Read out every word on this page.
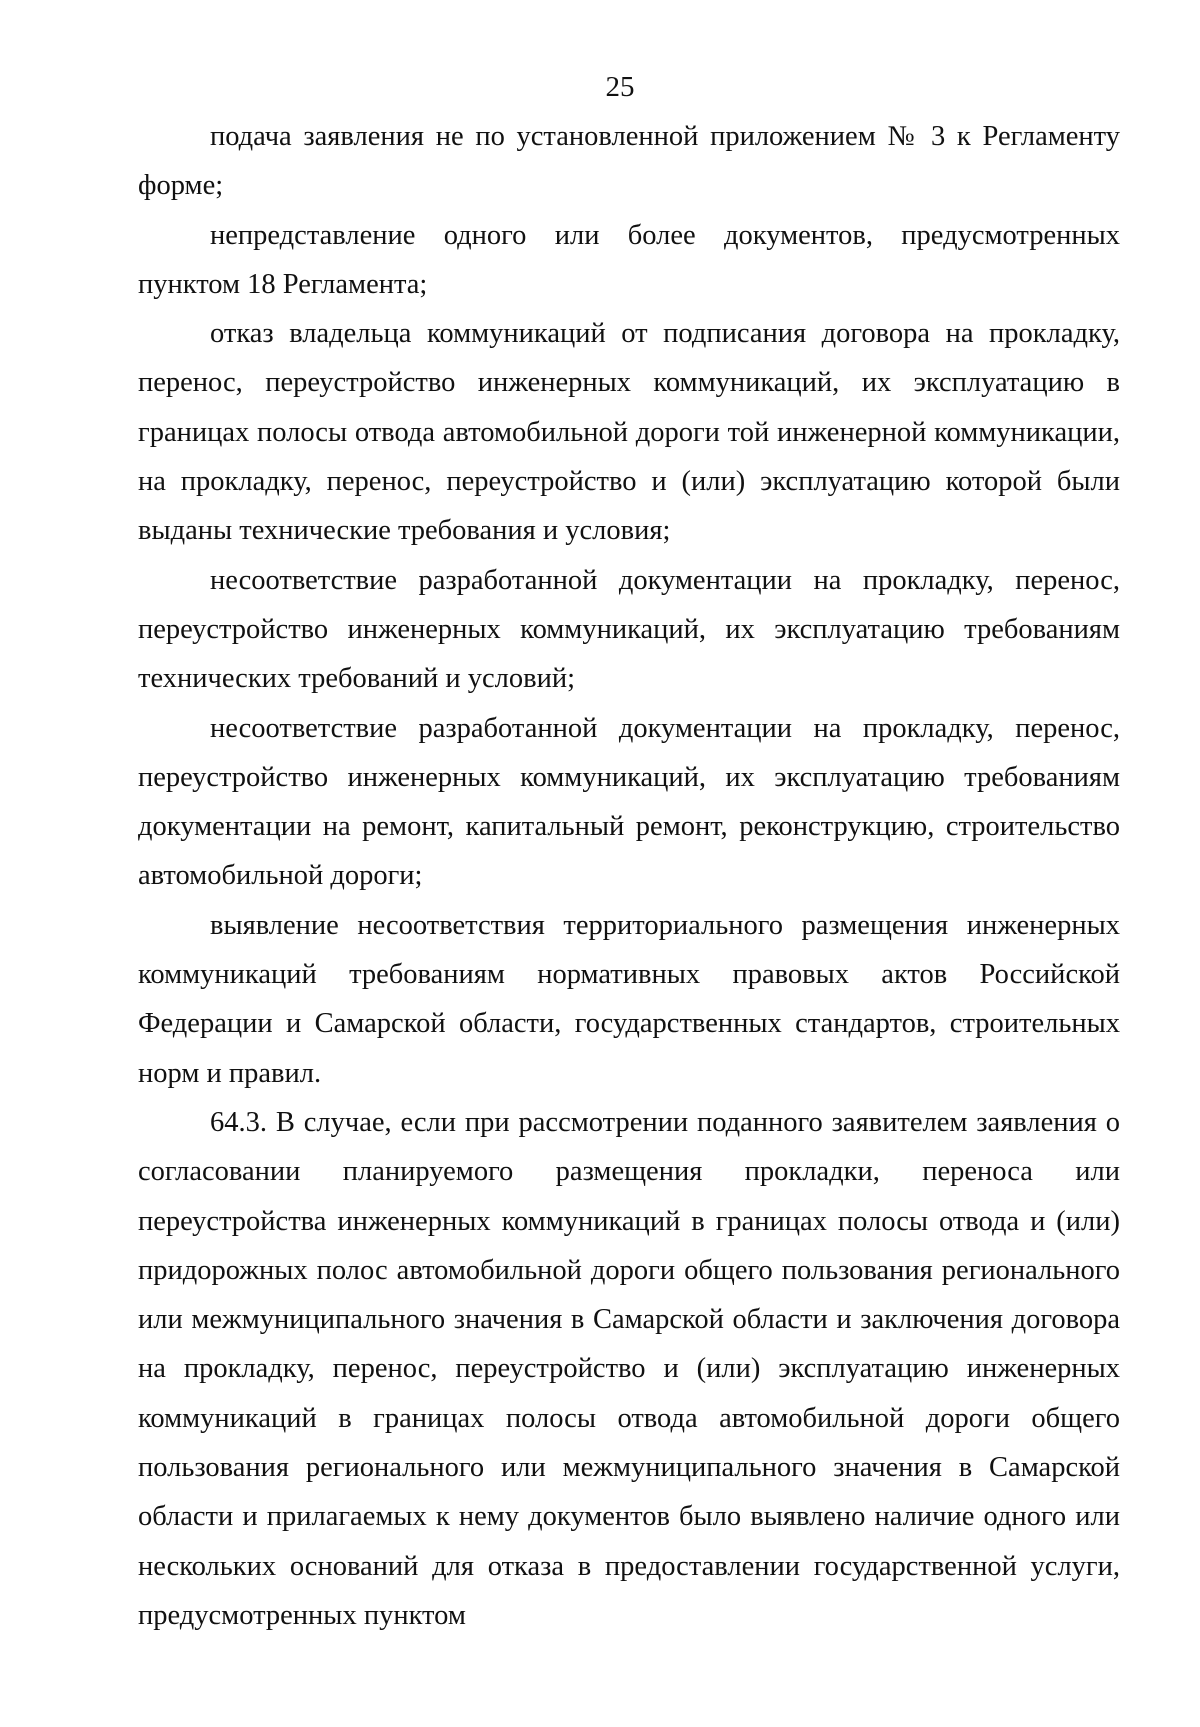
25

подача заявления не по установленной приложением № 3 к Регламенту форме;

непредставление одного или более документов, предусмотренных пунктом 18 Регламента;

отказ владельца коммуникаций от подписания договора на прокладку, перенос, переустройство инженерных коммуникаций, их эксплуатацию в границах полосы отвода автомобильной дороги той инженерной коммуникации, на прокладку, перенос, переустройство и (или) эксплуатацию которой были выданы технические требования и условия;

несоответствие разработанной документации на прокладку, перенос, переустройство инженерных коммуникаций, их эксплуатацию требованиям технических требований и условий;

несоответствие разработанной документации на прокладку, перенос, переустройство инженерных коммуникаций, их эксплуатацию требованиям документации на ремонт, капитальный ремонт, реконструкцию, строительство автомобильной дороги;

выявление несоответствия территориального размещения инженерных коммуникаций требованиям нормативных правовых актов Российской Федерации и Самарской области, государственных стандартов, строительных норм и правил.

64.3. В случае, если при рассмотрении поданного заявителем заявления о согласовании планируемого размещения прокладки, переноса или переустройства инженерных коммуникаций в границах полосы отвода и (или) придорожных полос автомобильной дороги общего пользования регионального или межмуниципального значения в Самарской области и заключения договора на прокладку, перенос, переустройство и (или) эксплуатацию инженерных коммуникаций в границах полосы отвода автомобильной дороги общего пользования регионального или межмуниципального значения в Самарской области и прилагаемых к нему документов было выявлено наличие одного или нескольких оснований для отказа в предоставлении государственной услуги, предусмотренных пунктом
